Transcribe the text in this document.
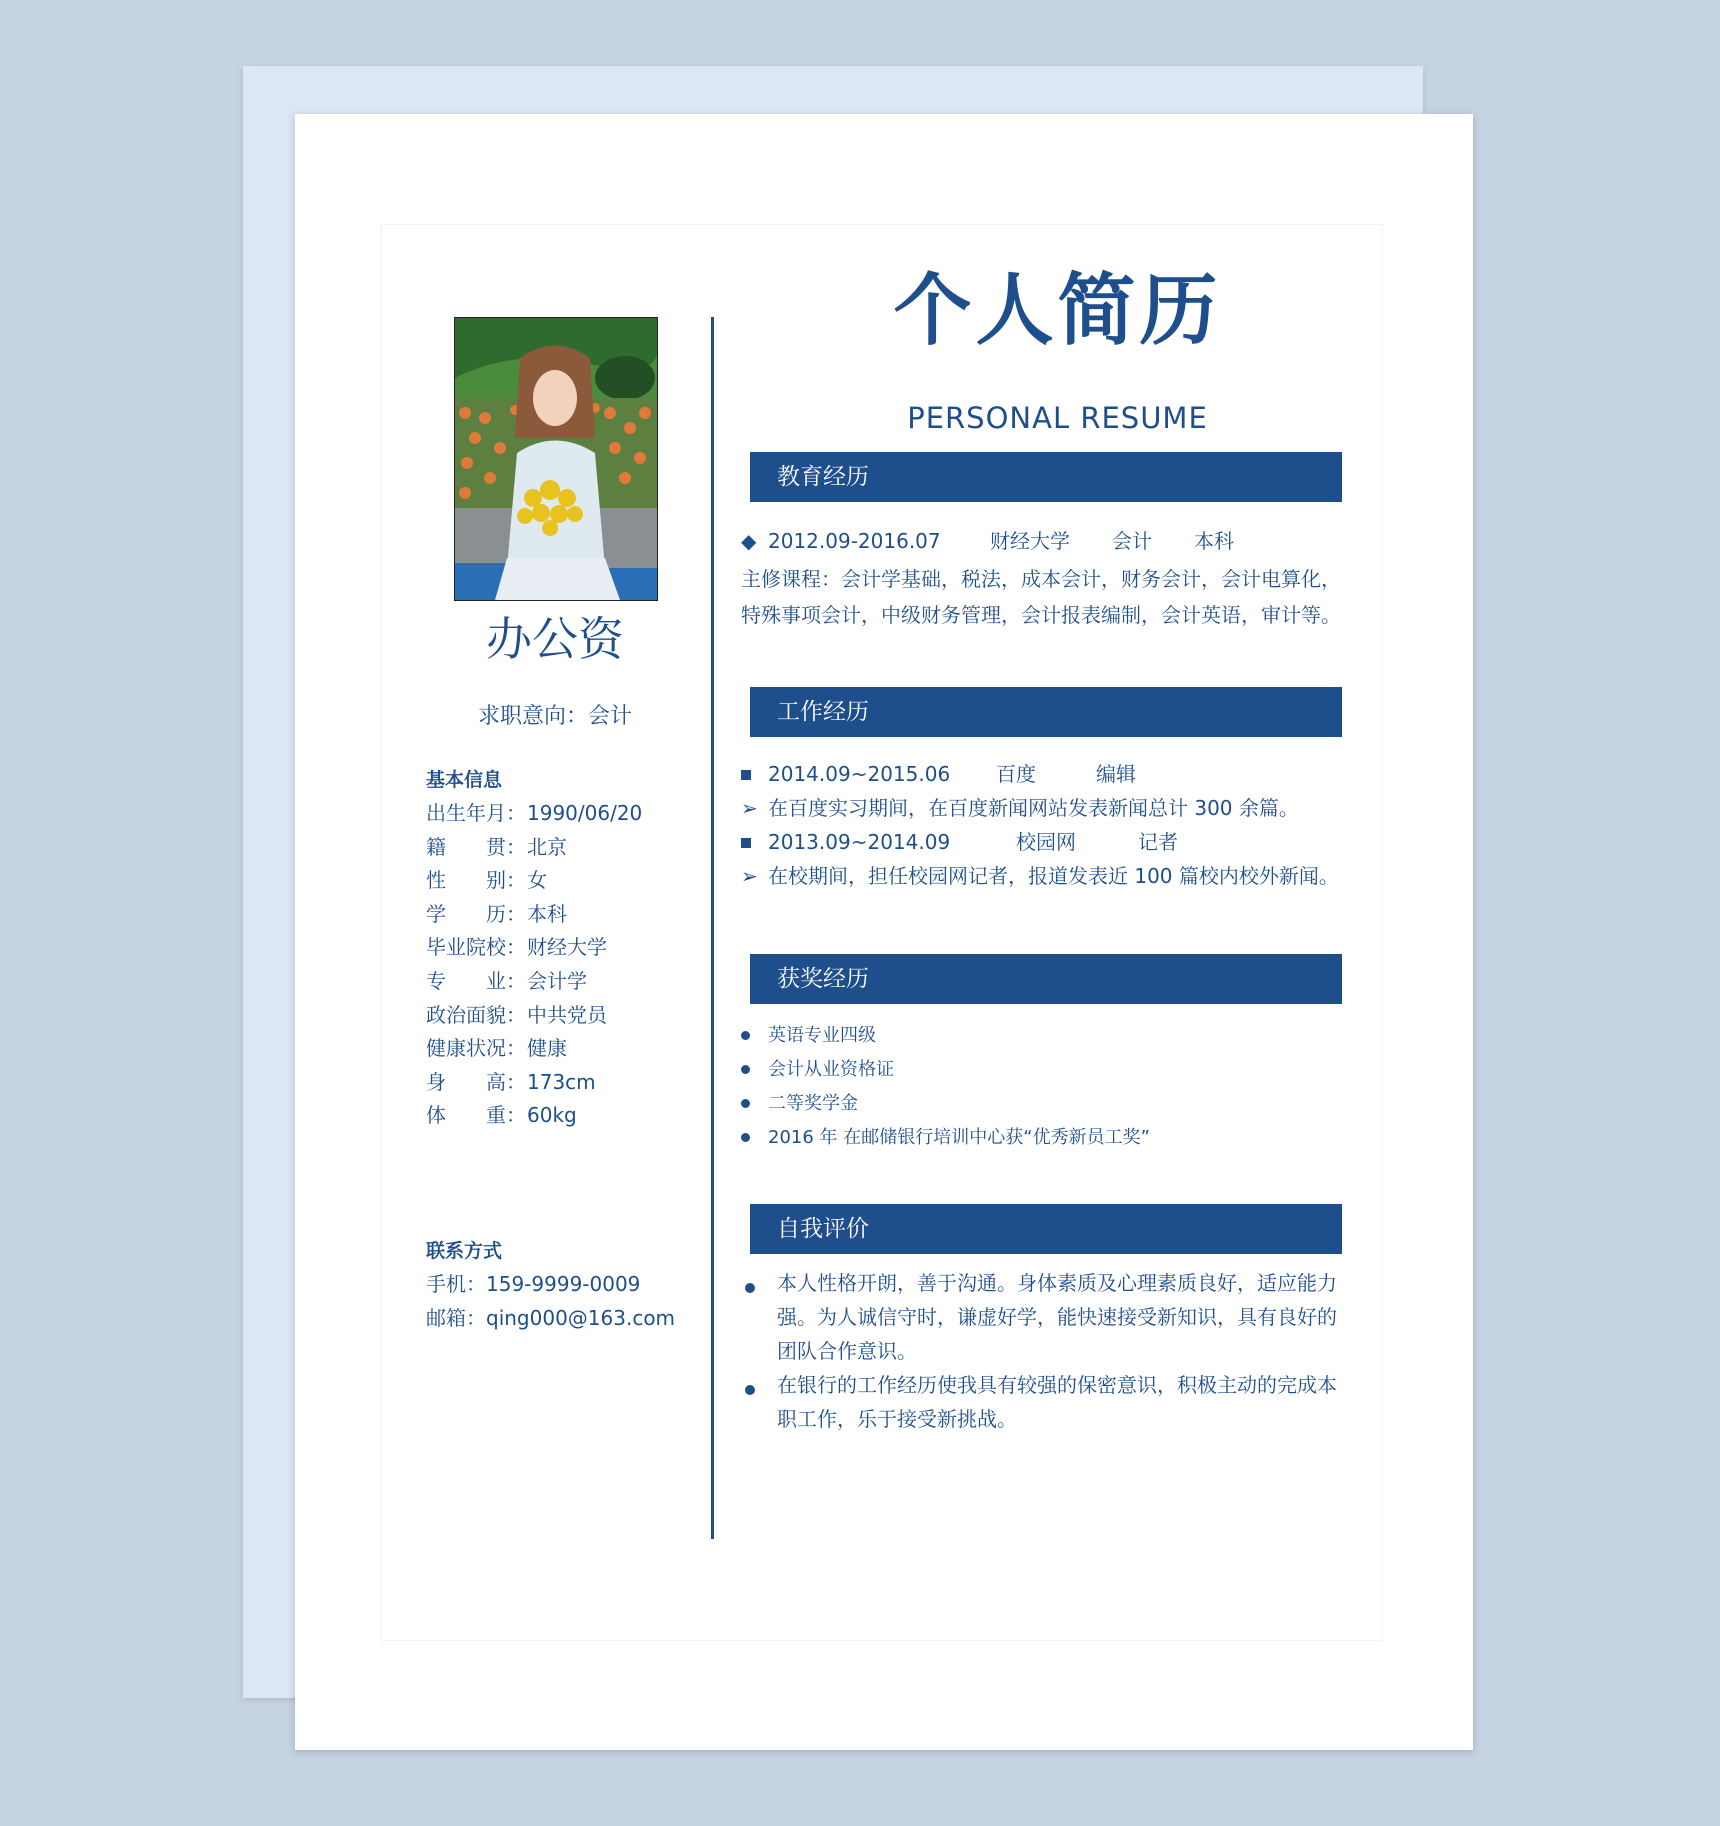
办公资
求职意向：会计
基本信息
出生年月：1990/06/20
籍　　贯：北京
性　　别：女
学　　历：本科
毕业院校：财经大学
专　　业：会计学
政治面貌：中共党员
健康状况：健康
身　　高：173cm
体　　重：60kg
联系方式
手机：159-9999-0009
邮箱：qing000@163.com
个人简历
PERSONAL RESUME
教育经历
◆ 2012.09-2016.07 财经大学 会计 本科
主修课程：会计学基础，税法，成本会计，财务会计，会计电算化，
特殊事项会计，中级财务管理，会计报表编制，会计英语，审计等。
工作经历
2014.09~2015.06 百度	编辑
➢ 在百度实习期间，在百度新闻网站发表新闻总计 300 余篇。
2013.09~2014.09	校园网	记者
➢ 在校期间，担任校园网记者，报道发表近 100 篇校内校外新闻。
获奖经历
英语专业四级
会计从业资格证
二等奖学金
2016 年 在邮储银行培训中心获“优秀新员工奖”
自我评价
本人性格开朗，善于沟通。身体素质及心理素质良好，适应能力强。为人诚信守时，谦虚好学，能快速接受新知识，具有良好的团队合作意识。
在银行的工作经历使我具有较强的保密意识，积极主动的完成本职工作，乐于接受新挑战。
